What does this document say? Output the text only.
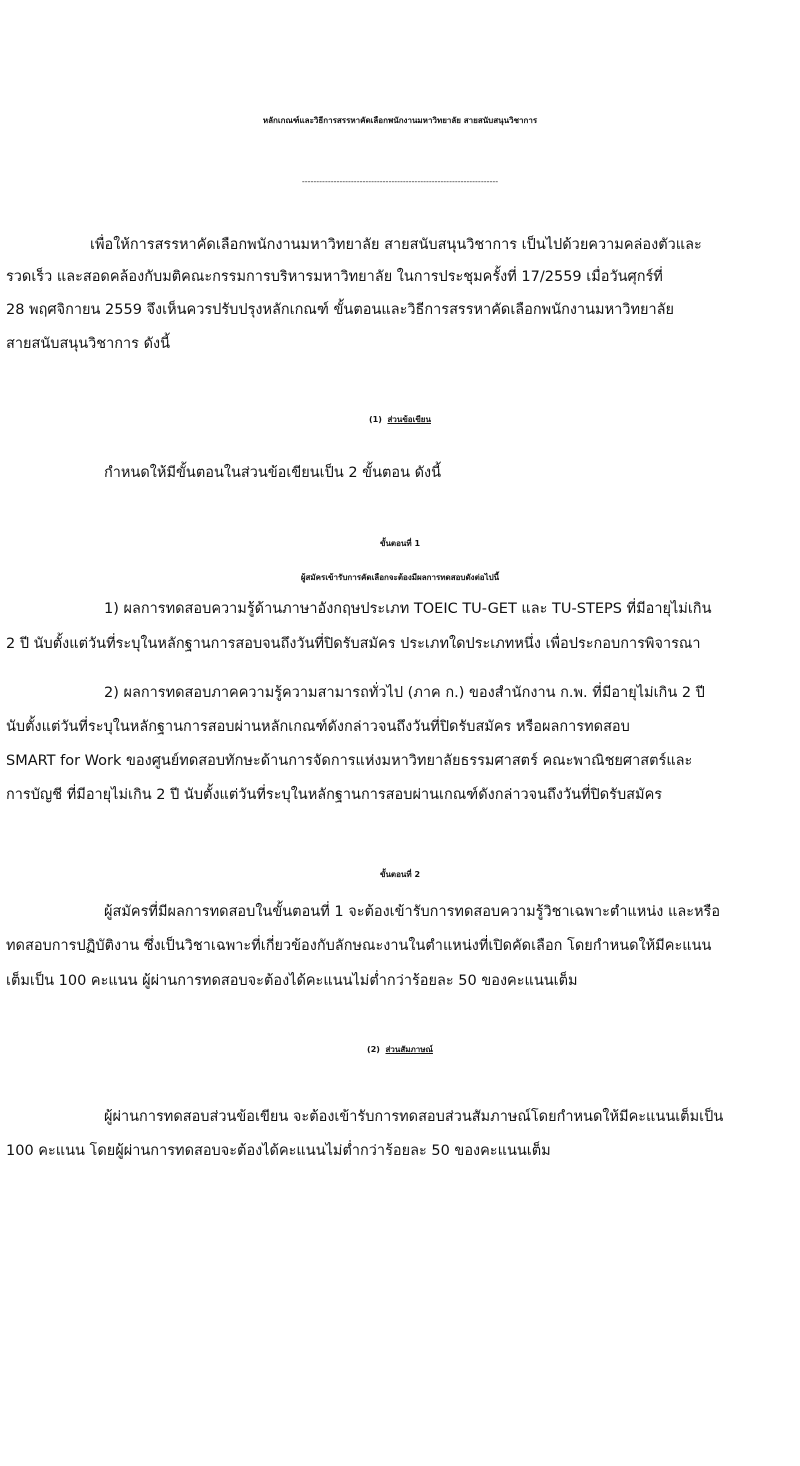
หลักเกณฑ์และวิธีการสรรหาคัดเลือกพนักงานมหาวิทยาลัย สายสนับสนุนวิชาการ
--------------------------------------------------------------------
เพื่อให้การสรรหาคัดเลือกพนักงานมหาวิทยาลัย สายสนับสนุนวิชาการ เป็นไปด้วยความคล่องตัวและ
รวดเร็ว และสอดคล้องกับมติคณะกรรมการบริหารมหาวิทยาลัย ในการประชุมครั้งที่ 17/2559 เมื่อวันศุกร์ที่
28 พฤศจิกายน 2559 จึงเห็นควรปรับปรุงหลักเกณฑ์ ขั้นตอนและวิธีการสรรหาคัดเลือกพนักงานมหาวิทยาลัย
สายสนับสนุนวิชาการ ดังนี้
(1) ส่วนข้อเขียน
กำหนดให้มีขั้นตอนในส่วนข้อเขียนเป็น 2 ขั้นตอน ดังนี้
ขั้นตอนที่ 1
ผู้สมัครเข้ารับการคัดเลือกจะต้องมีผลการทดสอบดังต่อไปนี้
1) ผลการทดสอบความรู้ด้านภาษาอังกฤษประเภท TOEIC TU-GET และ TU-STEPS ที่มีอายุไม่เกิน
2 ปี นับตั้งแต่วันที่ระบุในหลักฐานการสอบจนถึงวันที่ปิดรับสมัคร ประเภทใดประเภทหนึ่ง เพื่อประกอบการพิจารณา
2) ผลการทดสอบภาคความรู้ความสามารถทั่วไป (ภาค ก.) ของสำนักงาน ก.พ. ที่มีอายุไม่เกิน 2 ปี
นับตั้งแต่วันที่ระบุในหลักฐานการสอบผ่านหลักเกณฑ์ดังกล่าวจนถึงวันที่ปิดรับสมัคร หรือผลการทดสอบ
SMART for Work ของศูนย์ทดสอบทักษะด้านการจัดการแห่งมหาวิทยาลัยธรรมศาสตร์ คณะพาณิชยศาสตร์และ
การบัญชี ที่มีอายุไม่เกิน 2 ปี นับตั้งแต่วันที่ระบุในหลักฐานการสอบผ่านเกณฑ์ดังกล่าวจนถึงวันที่ปิดรับสมัคร
ขั้นตอนที่ 2
ผู้สมัครที่มีผลการทดสอบในขั้นตอนที่ 1 จะต้องเข้ารับการทดสอบความรู้วิชาเฉพาะตำแหน่ง และหรือ
ทดสอบการปฏิบัติงาน ซึ่งเป็นวิชาเฉพาะที่เกี่ยวข้องกับลักษณะงานในตำแหน่งที่เปิดคัดเลือก โดยกำหนดให้มีคะแนน
เต็มเป็น 100 คะแนน ผู้ผ่านการทดสอบจะต้องได้คะแนนไม่ต่ำกว่าร้อยละ 50 ของคะแนนเต็ม
(2) ส่วนสัมภาษณ์
ผู้ผ่านการทดสอบส่วนข้อเขียน จะต้องเข้ารับการทดสอบส่วนสัมภาษณ์โดยกำหนดให้มีคะแนนเต็มเป็น
100 คะแนน โดยผู้ผ่านการทดสอบจะต้องได้คะแนนไม่ต่ำกว่าร้อยละ 50 ของคะแนนเต็ม
